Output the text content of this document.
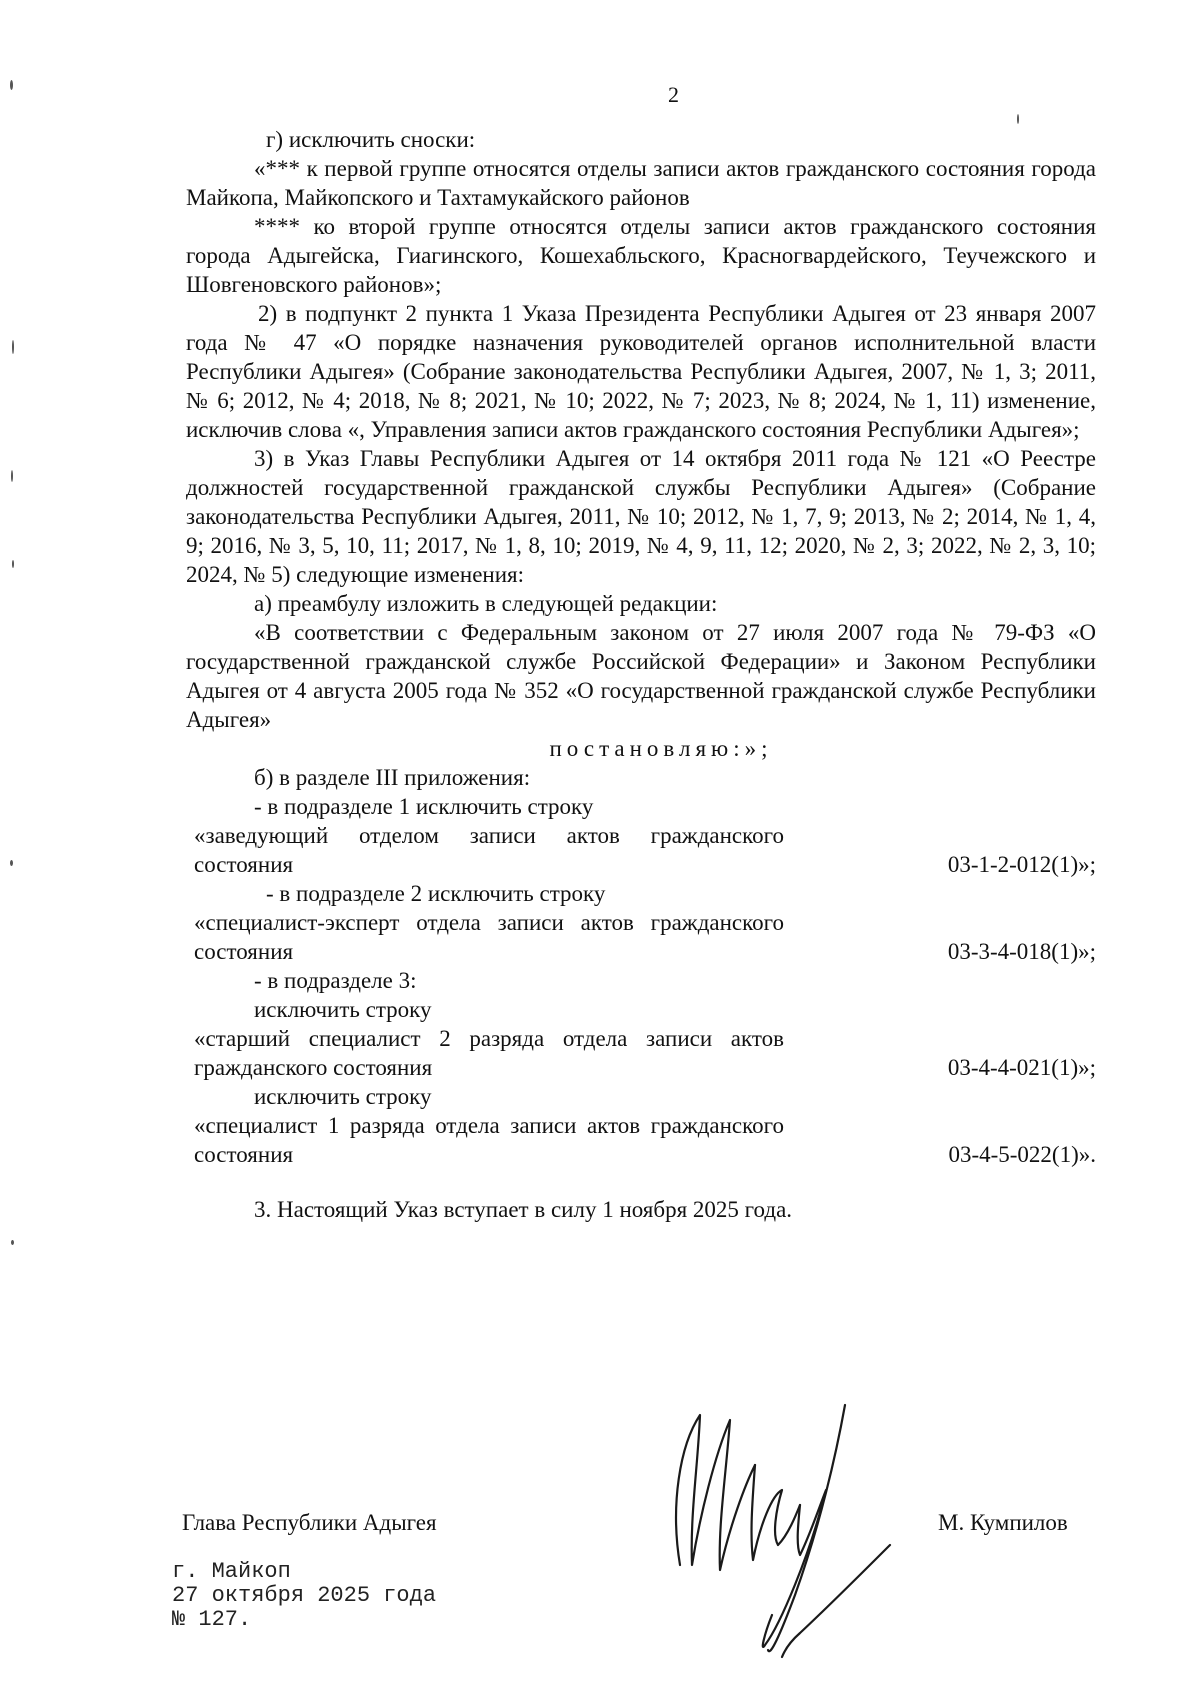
2

г) исключить сноски:

«*** к первой группе относятся отделы записи актов гражданского состояния города Майкопа, Майкопского и Тахтамукайского районов

**** ко второй группе относятся отделы записи актов гражданского состояния города Адыгейска, Гиагинского, Кошехабльского, Красногвардейского, Теучежского и Шовгеновского районов»;

2) в подпункт 2 пункта 1 Указа Президента Республики Адыгея от 23 января 2007 года № 47 «О порядке назначения руководителей органов исполнительной власти Республики Адыгея» (Собрание законодательства Республики Адыгея, 2007, № 1, 3; 2011, № 6; 2012, № 4; 2018, № 8; 2021, № 10; 2022, № 7; 2023, № 8; 2024, № 1, 11) изменение, исключив слова «, Управления записи актов гражданского состояния Республики Адыгея»;

3) в Указ Главы Республики Адыгея от 14 октября 2011 года № 121 «О Реестре должностей государственной гражданской службы Республики Адыгея» (Собрание законодательства Республики Адыгея, 2011, № 10; 2012, № 1, 7, 9; 2013, № 2; 2014, № 1, 4, 9; 2016, № 3, 5, 10, 11; 2017, № 1, 8, 10; 2019, № 4, 9, 11, 12; 2020, № 2, 3; 2022, № 2, 3, 10; 2024, № 5) следующие изменения:

а) преамбулу изложить в следующей редакции:

«В соответствии с Федеральным законом от 27 июля 2007 года № 79-ФЗ «О государственной гражданской службе Российской Федерации» и Законом Республики Адыгея от 4 августа 2005 года № 352 «О государственной гражданской службе Республики Адыгея»

постановляю:»;

б) в разделе III приложения:

- в подразделе 1 исключить строку

«заведующий отделом записи актов гражданского состояния	03-1-2-012(1)»;

- в подразделе 2 исключить строку

«специалист-эксперт отдела записи актов гражданского состояния	03-3-4-018(1)»;

- в подразделе 3:

исключить строку

«старший специалист 2 разряда отдела записи актов гражданского состояния	03-4-4-021(1)»;

исключить строку

«специалист 1 разряда отдела записи актов гражданского состояния	03-4-5-022(1)».

3. Настоящий Указ вступает в силу 1 ноября 2025 года.

Глава Республики Адыгея	М. Кумпилов
г. Майкоп
27 октября 2025 года
№ 127.
